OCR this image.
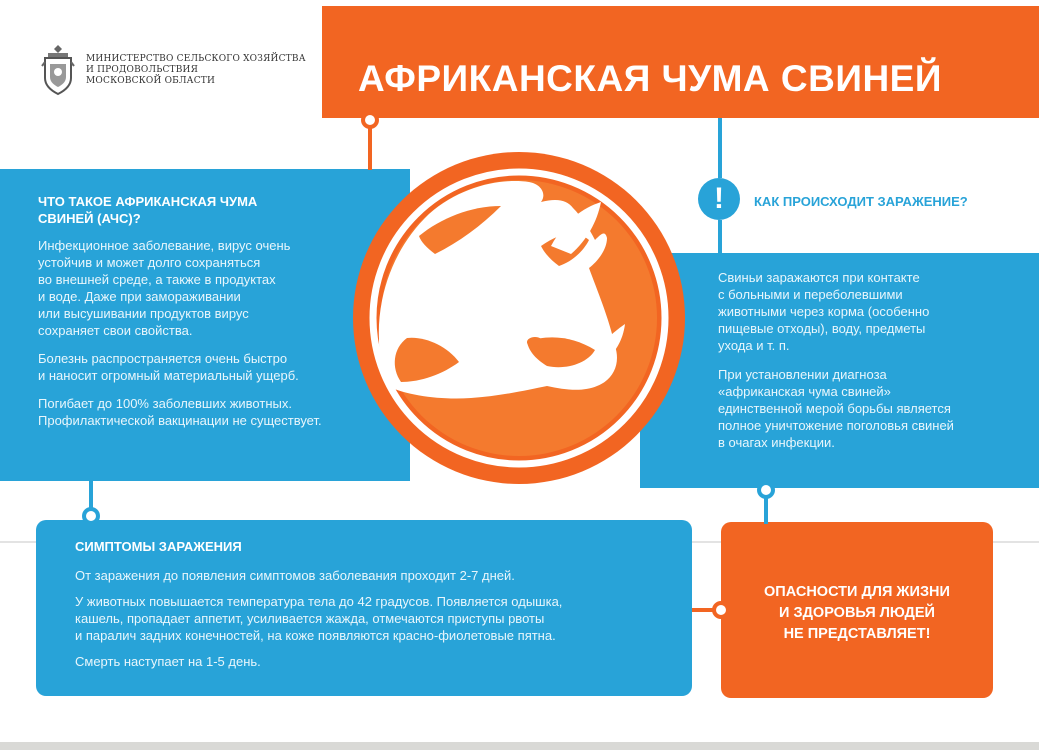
МИНИСТЕРСТВО СЕЛЬСКОГО ХОЗЯЙСТВА
И ПРОДОВОЛЬСТВИЯ
МОСКОВСКОЙ ОБЛАСТИ	АФРИКАНСКАЯ ЧУМА СВИНЕЙ
ЧТО ТАКОЕ АФРИКАНСКАЯ ЧУМА
СВИНЕЙ (АЧС)?
Инфекционное заболевание, вирус очень
устойчив и может долго сохраняться
во внешней среде, а также в продуктах
и воде. Даже при замораживании
или высушивании продуктов вирус
сохраняет свои свойства.
Болезнь распространяется очень быстро
и наносит огромный материальный ущерб.
Погибает до 100% заболевших животных.
Профилактической вакцинации не существует.
!	КАК ПРОИСХОДИТ ЗАРАЖЕНИЕ?
Свиньи заражаются при контакте
с больными и переболевшими
животными через корма (особенно
пищевые отходы), воду, предметы
ухода и т. п.
При установлении диагноза
«африканская чума свиней»
единственной мерой борьбы является
полное уничтожение поголовья свиней
в очагах инфекции.
СИМПТОМЫ ЗАРАЖЕНИЯ
От заражения до появления симптомов заболевания проходит 2-7 дней.
У животных повышается температура тела до 42 градусов. Появляется одышка,
кашель, пропадает аппетит, усиливается жажда, отмечаются приступы рвоты
и паралич задних конечностей, на коже появляются красно-фиолетовые пятна.
Смерть наступает на 1-5 день.
ОПАСНОСТИ ДЛЯ ЖИЗНИ
И ЗДОРОВЬЯ ЛЮДЕЙ
НЕ ПРЕДСТАВЛЯЕТ!
